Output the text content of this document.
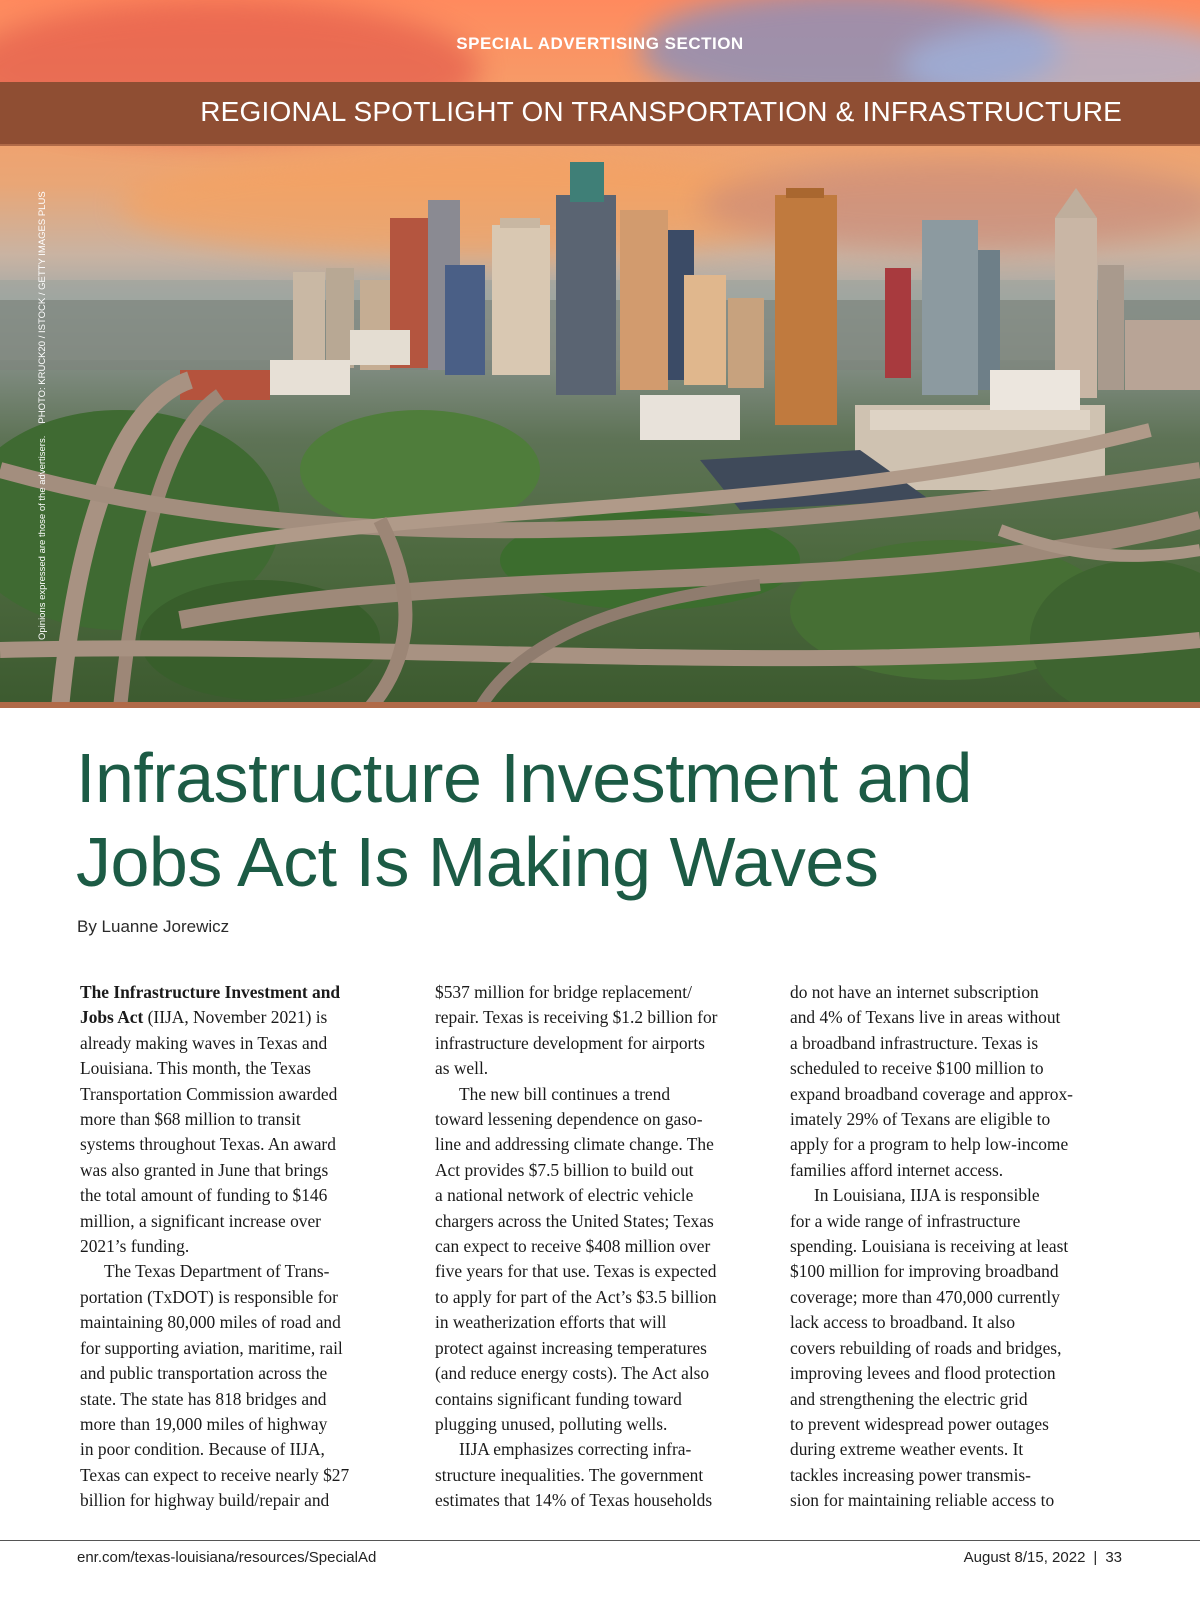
SPECIAL ADVERTISING SECTION
REGIONAL SPOTLIGHT ON TRANSPORTATION & INFRASTRUCTURE
Opinions expressed are those of the advertisers.PHOTO: KRUCK20 / ISTOCK / GETTY IMAGES PLUS
Infrastructure Investment and
Jobs Act Is Making Waves
By Luanne Jorewicz
The Infrastructure Investment and
Jobs Act (IIJA, November 2021) is
already making waves in Texas and
Louisiana. This month, the Texas
Transportation Commission awarded
more than $68 million to transit
systems throughout Texas. An award
was also granted in June that brings
the total amount of funding to $146
million, a significant increase over
2021’s funding.
The Texas Department of Trans-
portation (TxDOT) is responsible for
maintaining 80,000 miles of road and
for supporting aviation, maritime, rail
and public transportation across the
state. The state has 818 bridges and
more than 19,000 miles of highway
in poor condition. Because of IIJA,
Texas can expect to receive nearly $27
billion for highway build/repair and
$537 million for bridge replacement/
repair. Texas is receiving $1.2 billion for
infrastructure development for airports
as well.
The new bill continues a trend
toward lessening dependence on gaso-
line and addressing climate change. The
Act provides $7.5 billion to build out
a national network of electric vehicle
chargers across the United States; Texas
can expect to receive $408 million over
five years for that use. Texas is expected
to apply for part of the Act’s $3.5 billion
in weatherization efforts that will
protect against increasing temperatures
(and reduce energy costs). The Act also
contains significant funding toward
plugging unused, polluting wells.
IIJA emphasizes correcting infra-
structure inequalities. The government
estimates that 14% of Texas households
do not have an internet subscription
and 4% of Texans live in areas without
a broadband infrastructure. Texas is
scheduled to receive $100 million to
expand broadband coverage and approx-
imately 29% of Texans are eligible to
apply for a program to help low-income
families afford internet access.
In Louisiana, IIJA is responsible
for a wide range of infrastructure
spending. Louisiana is receiving at least
$100 million for improving broadband
coverage; more than 470,000 currently
lack access to broadband. It also
covers rebuilding of roads and bridges,
improving levees and flood protection
and strengthening the electric grid
to prevent widespread power outages
during extreme weather events. It
tackles increasing power transmis-
sion for maintaining reliable access to
enr.com/texas-louisiana/resources/SpecialAd	August 8/15, 2022 | 33
